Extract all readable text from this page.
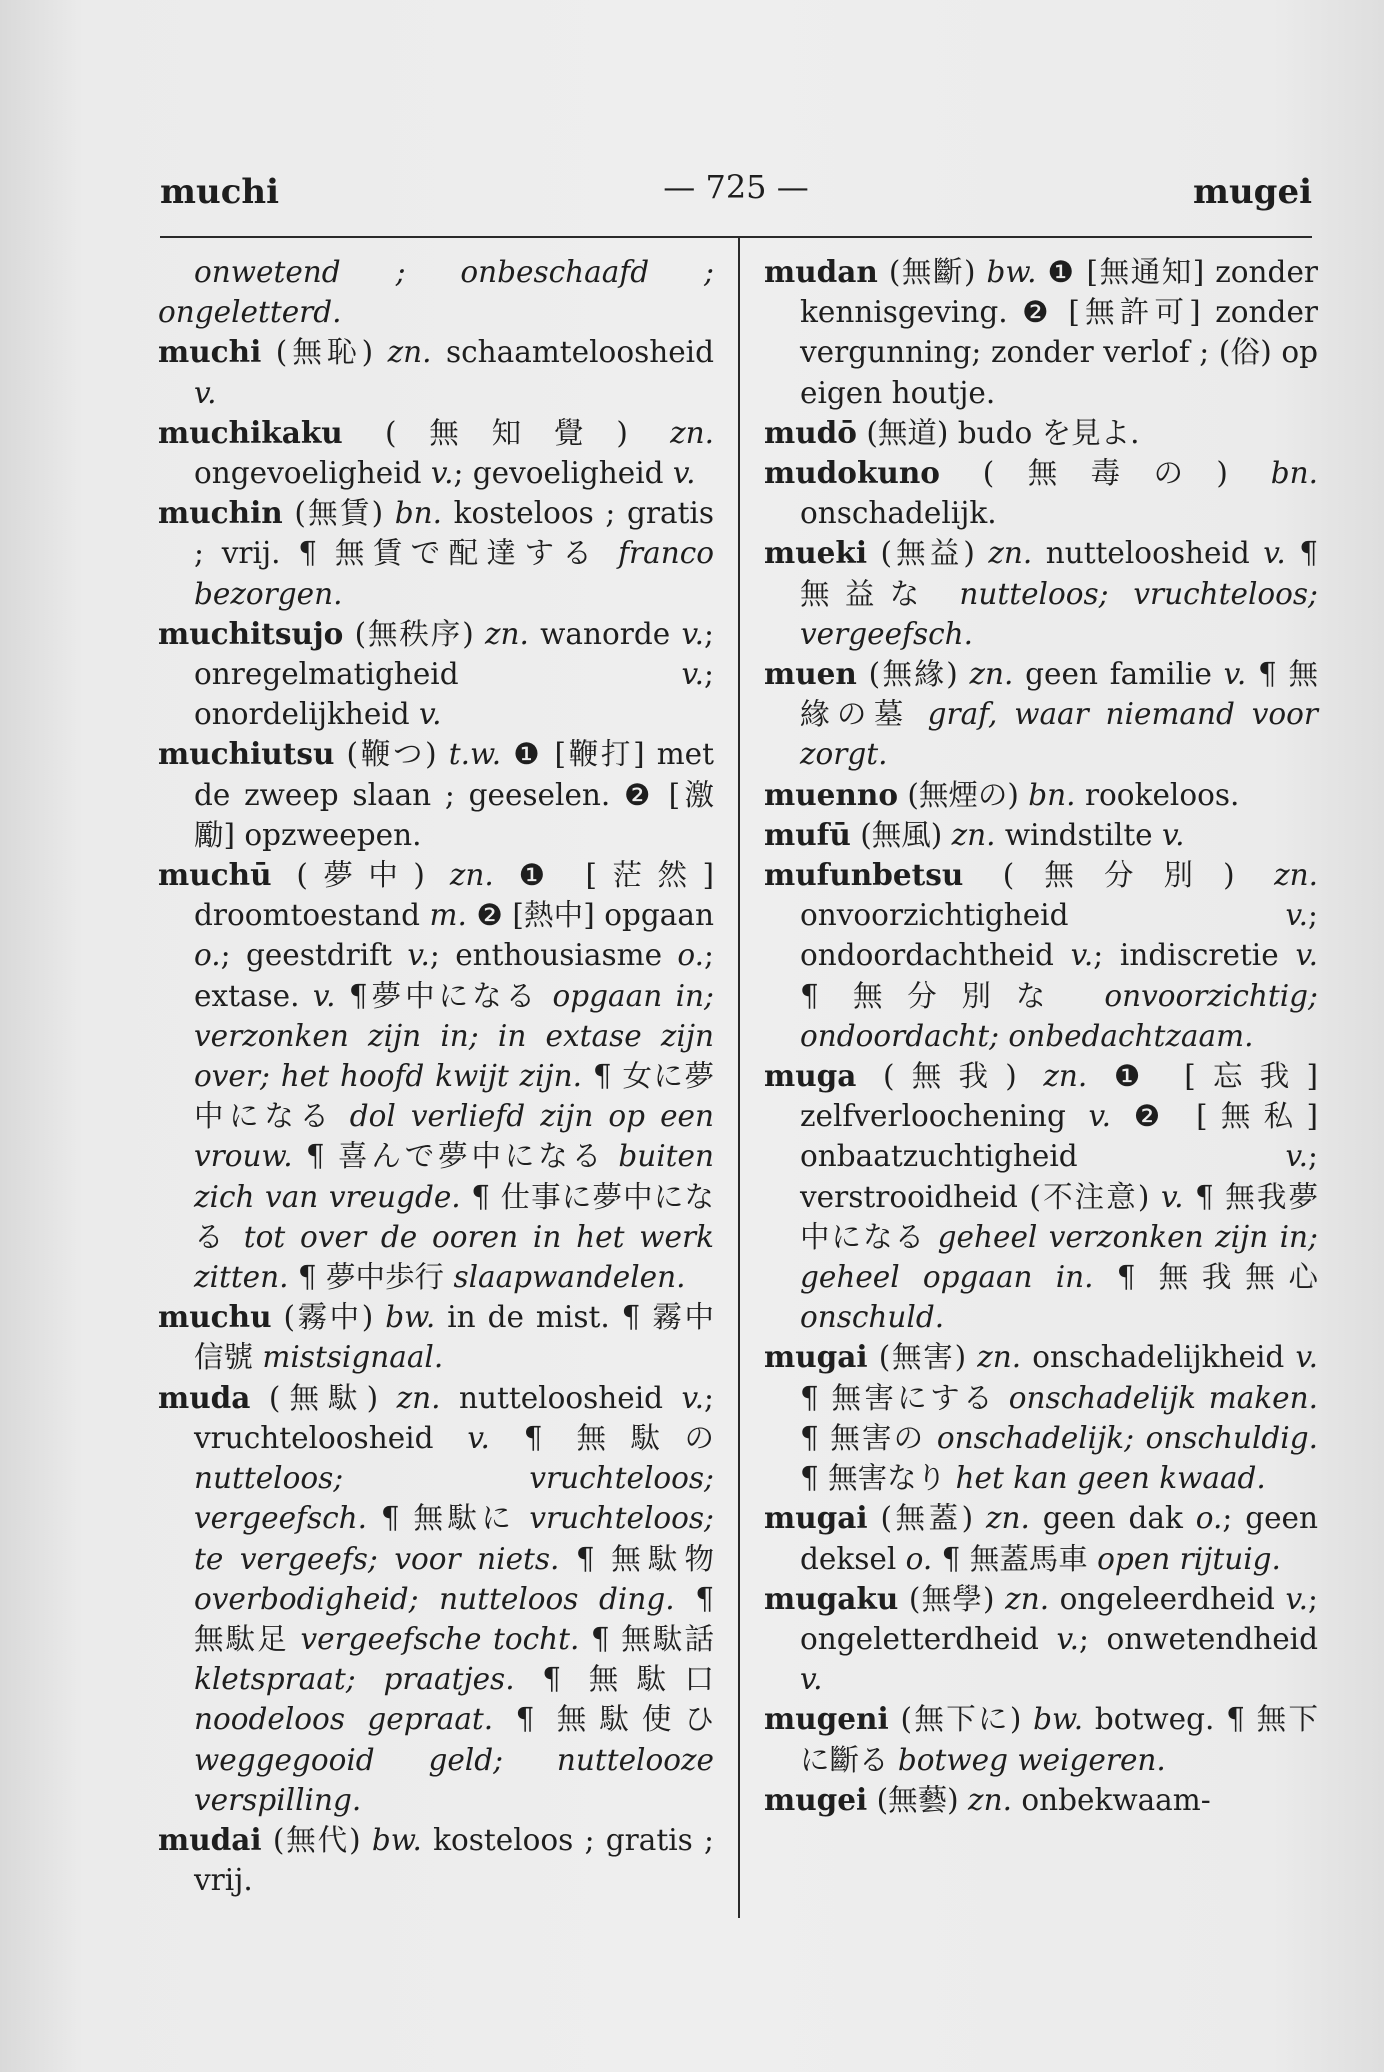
muchi	— 725 —	mugei

onwetend ; onbeschaafd ; ongeletterd.

muchi (無恥) zn. schaamteloosheid v.

muchikaku (無知覺) zn. ongevoeligheid v.; gevoeligheid v.

muchin (無賃) bn. kosteloos ; gratis ; vrij. ¶ 無賃で配達する franco bezorgen.

muchitsujo (無秩序) zn. wanorde v.; onregelmatigheid v.; onordelijkheid v.

muchiutsu (鞭つ) t.w. ❶ [鞭打] met de zweep slaan ; geeselen. ❷ [激勵] opzweepen.

muchū (夢中) zn. ❶ [茫然] droomtoestand m. ❷ [熱中] opgaan o.; geestdrift v.; enthousiasme o.; extase. v. ¶夢中になる opgaan in; verzonken zijn in; in extase zijn over; het hoofd kwijt zijn. ¶ 女に夢中になる dol verliefd zijn op een vrouw. ¶ 喜んで夢中になる buiten zich van vreugde. ¶ 仕事に夢中になる tot over de ooren in het werk zitten. ¶ 夢中歩行 slaapwandelen.

muchu (霧中) bw. in de mist. ¶ 霧中信號 mistsignaal.

muda (無駄) zn. nutteloosheid v.; vruchteloosheid v. ¶ 無駄の nutteloos; vruchteloos; vergeefsch. ¶ 無駄に vruchteloos; te vergeefs; voor niets. ¶ 無駄物 overbodigheid; nutteloos ding. ¶ 無駄足 vergeefsche tocht. ¶ 無駄話 kletspraat; praatjes. ¶ 無駄口 noodeloos gepraat. ¶ 無駄使ひ weggegooid geld; nuttelooze verspilling.

mudai (無代) bw. kosteloos ; gratis ; vrij.

mudan (無斷) bw. ❶ [無通知] zonder kennisgeving. ❷ [無許可] zonder vergunning; zonder verlof ; (俗) op eigen houtje.

mudō (無道) budo を見よ.

mudokuno (無毒の) bn. onschadelijk.

mueki (無益) zn. nutteloosheid v. ¶ 無益な nutteloos; vruchteloos; vergeefsch.

muen (無緣) zn. geen familie v. ¶ 無緣の墓 graf, waar niemand voor zorgt.

muenno (無煙の) bn. rookeloos.

mufū (無風) zn. windstilte v.

mufunbetsu (無分別) zn. onvoorzichtigheid v.; ondoordachtheid v.; indiscretie v. ¶ 無分別な onvoorzichtig; ondoordacht; onbedachtzaam.

muga (無我) zn. ❶ [忘我] zelfverloochening v. ❷ [無私] onbaatzuchtigheid v.; verstrooidheid (不注意) v. ¶ 無我夢中になる geheel verzonken zijn in; geheel opgaan in. ¶ 無我無心 onschuld.

mugai (無害) zn. onschadelijkheid v. ¶ 無害にする onschadelijk maken. ¶ 無害の onschadelijk; onschuldig. ¶ 無害なり het kan geen kwaad.

mugai (無蓋) zn. geen dak o.; geen deksel o. ¶ 無蓋馬車 open rijtuig.

mugaku (無學) zn. ongeleerdheid v.; ongeletterdheid v.; onwetendheid v.

mugeni (無下に) bw. botweg. ¶ 無下に斷る botweg weigeren.

mugei (無藝) zn. onbekwaam-
